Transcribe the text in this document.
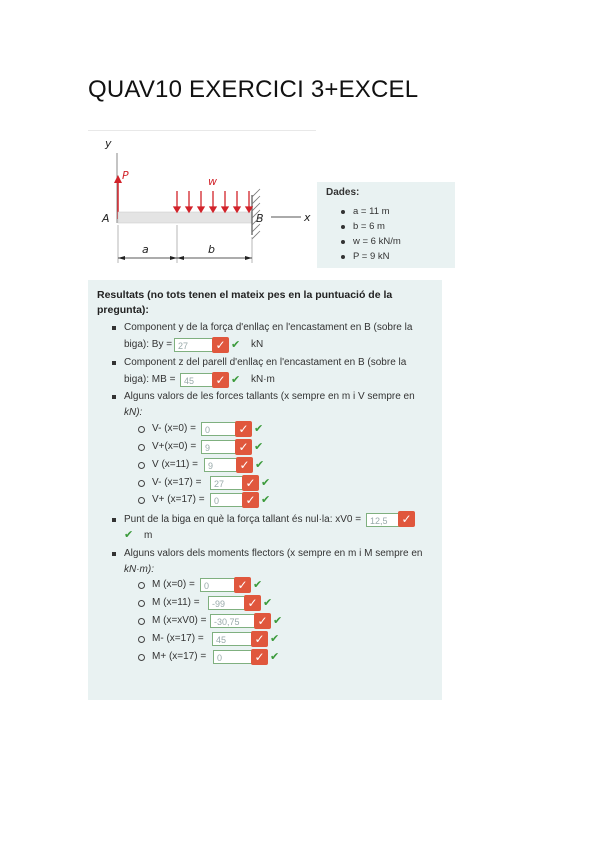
QUAV10 EXERCICI 3+EXCEL
y
P
A	B	x
w
a	b
Dades:
a = 11 m
b = 6 m
w = 6 kN/m
P = 9 kN
Resultats (no tots tenen el mateix pes en la puntuació de la pregunta):
Component y de la força d'enllaç en l'encastament en B (sobre la
biga): By = 27	✓ ✔ kN
Component z del parell d'enllaç en l'encastament en B (sobre la
biga): MB = 45	✓ ✔ kN·m
Alguns valors de les forces tallants (x sempre en m i V sempre en
kN):
V- (x=0) =	0	✓ ✔
V+(x=0) = 9	✓ ✔
V (x=11) =	9	✓ ✔
V- (x=17) =	27	✓ ✔
V+ (x=17) =	0	✓ ✔
Punt de la biga en què la força tallant és nul·la: xV0 = 12,5	✓
✔ m
Alguns valors dels moments flectors (x sempre en m i M sempre en
kN·m):
M (x=0) =	0	✓ ✔
M (x=11) =	-99	✓ ✔
M (x=xV0) = -30,75	✓ ✔
M- (x=17) =	45	✓ ✔
M+ (x=17) =	0	✓ ✔
